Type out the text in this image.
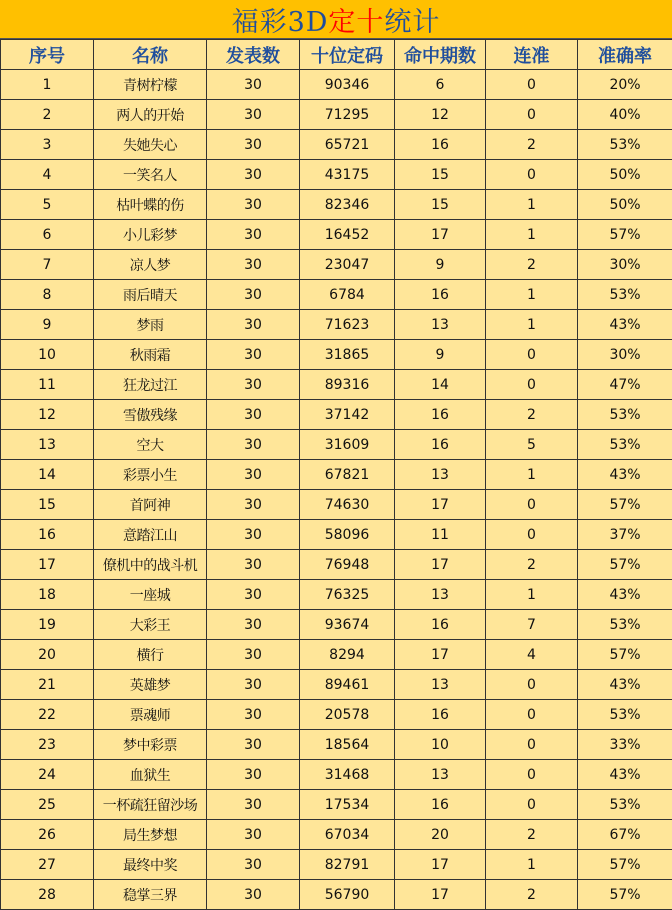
福彩3D 定十 统计
序号	名称	发表数	十位定码	命中期数	连准	准确率
1	青树柠檬	30	90346	6	0	20%
2	两人的开始	30	71295	12	0	40%
3	失她失心	30	65721	16	2	53%
4	一笑名人	30	43175	15	0	50%
5	枯叶蝶的伤	30	82346	15	1	50%
6	小儿彩梦	30	16452	17	1	57%
7	凉人梦	30	23047	9	2	30%
8	雨后晴天	30	6784	16	1	53%
9	梦雨	30	71623	13	1	43%
10	秋雨霜	30	31865	9	0	30%
11	狂龙过江	30	89316	14	0	47%
12	雪傲残缘	30	37142	16	2	53%
13	空大	30	31609	16	5	53%
14	彩票小生	30	67821	13	1	43%
15	首阿神	30	74630	17	0	57%
16	意踏江山	30	58096	11	0	37%
17	僚机中的战斗机	30	76948	17	2	57%
18	一座城	30	76325	13	1	43%
19	大彩王	30	93674	16	7	53%
20	横行	30	8294	17	4	57%
21	英雄梦	30	89461	13	0	43%
22	票魂师	30	20578	16	0	53%
23	梦中彩票	30	18564	10	0	33%
24	血狱生	30	31468	13	0	43%
25	一杯疏狂留沙场	30	17534	16	0	53%
26	局生梦想	30	67034	20	2	67%
27	最终中奖	30	82791	17	1	57%
28	稳掌三界	30	56790	17	2	57%
